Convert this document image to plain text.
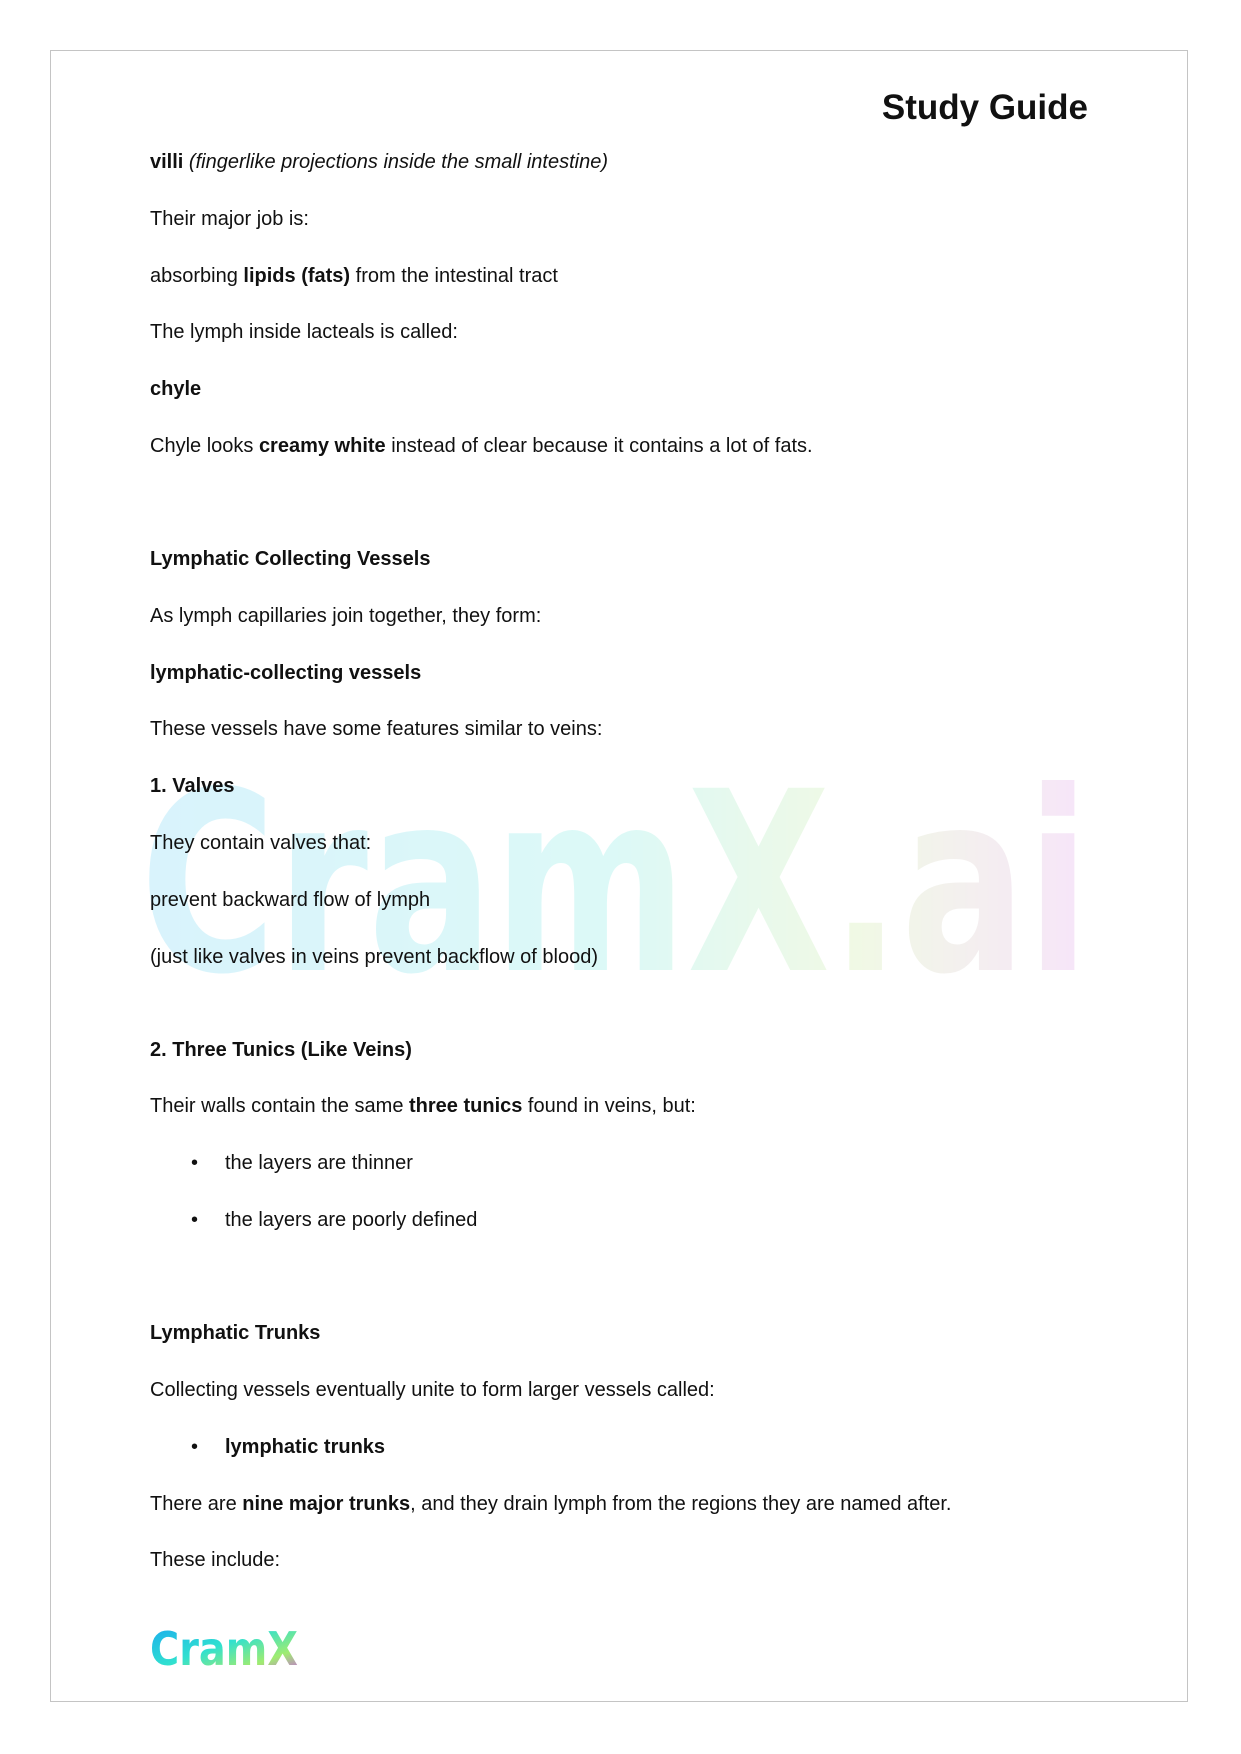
CramX.ai
Study Guide
villi (fingerlike projections inside the small intestine)
Their major job is:
absorbing lipids (fats) from the intestinal tract
The lymph inside lacteals is called:
chyle
Chyle looks creamy white instead of clear because it contains a lot of fats.
Lymphatic Collecting Vessels
As lymph capillaries join together, they form:
lymphatic-collecting vessels
These vessels have some features similar to veins:
1. Valves
They contain valves that:
prevent backward flow of lymph
(just like valves in veins prevent backflow of blood)
2. Three Tunics (Like Veins)
Their walls contain the same three tunics found in veins, but:
• the layers are thinner
• the layers are poorly defined
Lymphatic Trunks
Collecting vessels eventually unite to form larger vessels called:
• lymphatic trunks
There are nine major trunks, and they drain lymph from the regions they are named after.
These include:
CramX
